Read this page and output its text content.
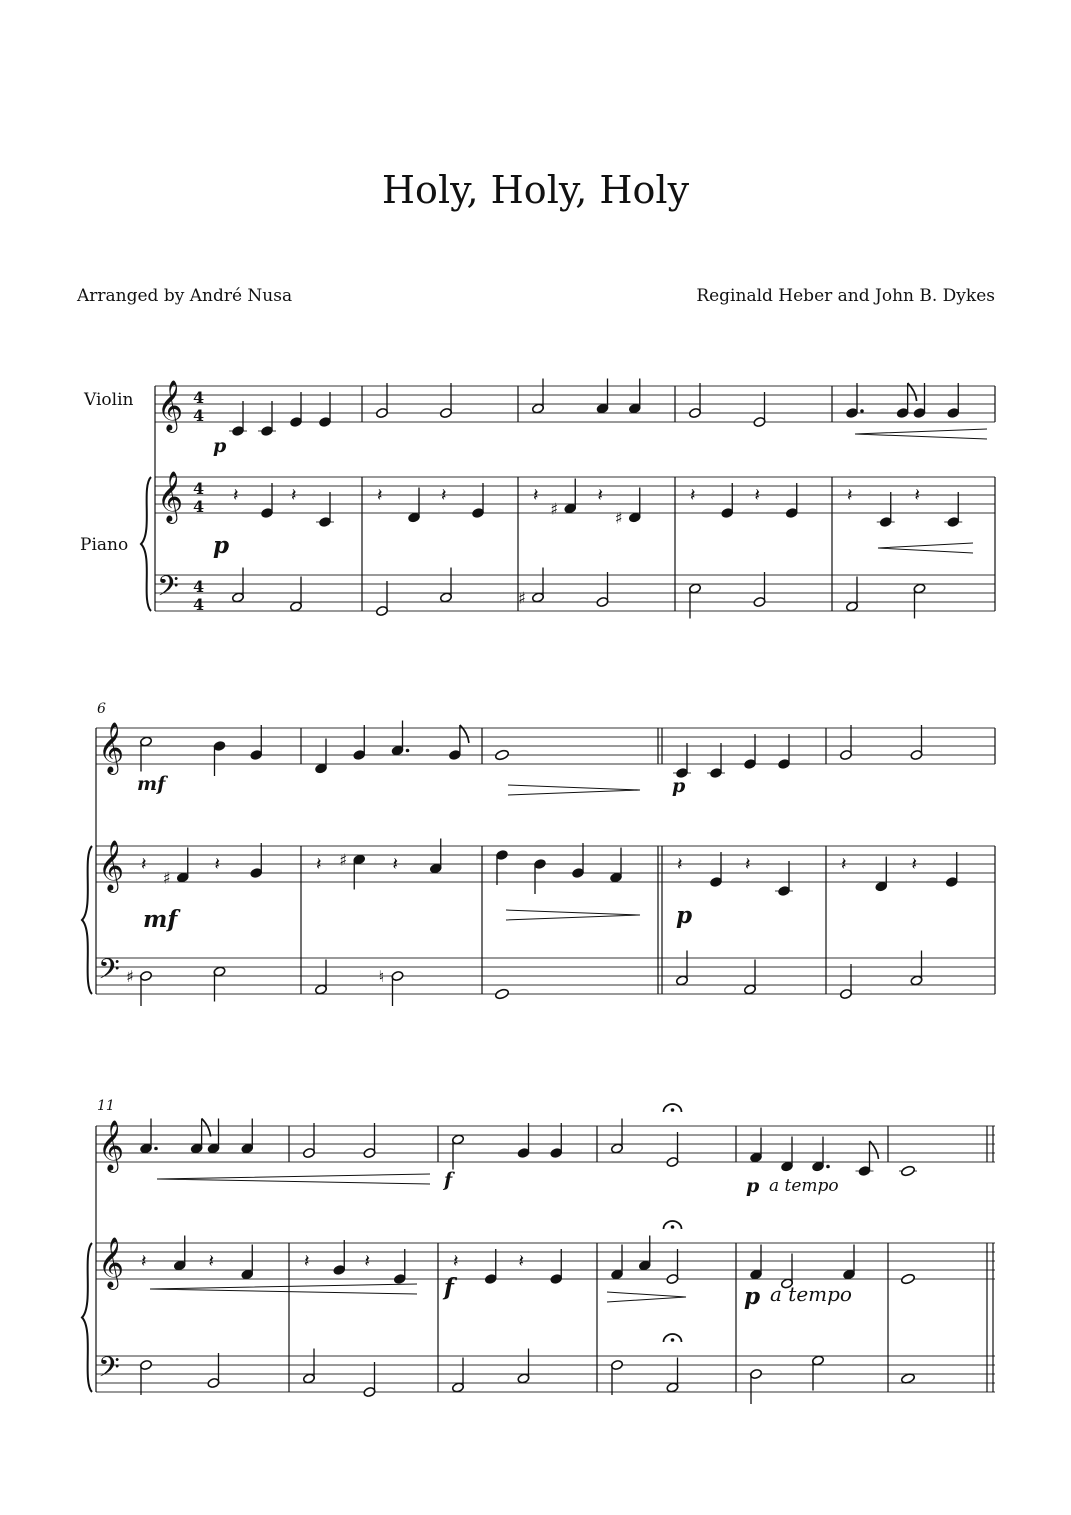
Holy, Holy, Holy
Arranged by André Nusa	Reginald Heber and John B. Dykes
𝄞
𝄞
𝄢
𝄞
𝄞
𝄢
𝄞
𝄞
𝄢
𝄽	𝄽	𝄽	𝄽	𝄽
♯
𝄽
♯
♯
𝄽	𝄽	𝄽	𝄽
𝄽
♯
𝄽
♯
𝄽 ♯	𝄽
♮
𝄽	𝄽	𝄽	𝄽
𝄽	𝄽	𝄽	𝄽	𝄽	𝄽
4
4
4
4
4
4
p
p
mf
mf
p
p
f
f
p a tempo
p a tempo
Violin
Piano
6
11
